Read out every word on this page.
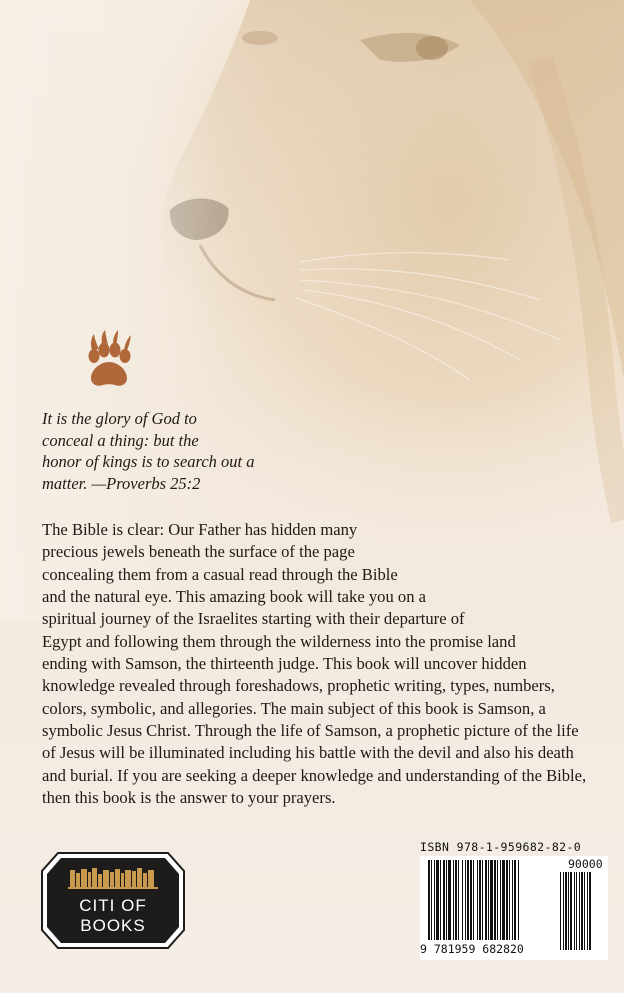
It is the glory of God to
conceal a thing: but the
honor of kings is to search out a
matter. —Proverbs 25:2

The Bible is clear: Our Father has hidden many
precious jewels beneath the surface of the page
concealing them from a casual read through the Bible
and the natural eye. This amazing book will take you on a
spiritual journey of the Israelites starting with their departure of
Egypt and following them through the wilderness into the promise land
ending with Samson, the thirteenth judge. This book will uncover hidden
knowledge revealed through foreshadows, prophetic writing, types, numbers,
colors, symbolic, and allegories. The main subject of this book is Samson, a
symbolic Jesus Christ. Through the life of Samson, a prophetic picture of the life
of Jesus will be illuminated including his battle with the devil and also his death
and burial. If you are seeking a deeper knowledge and understanding of the Bible,
then this book is the answer to your prayers.

CITI OF
BOOKS
ISBN 978-1-959682-82-0
90000
9 781959 682820
